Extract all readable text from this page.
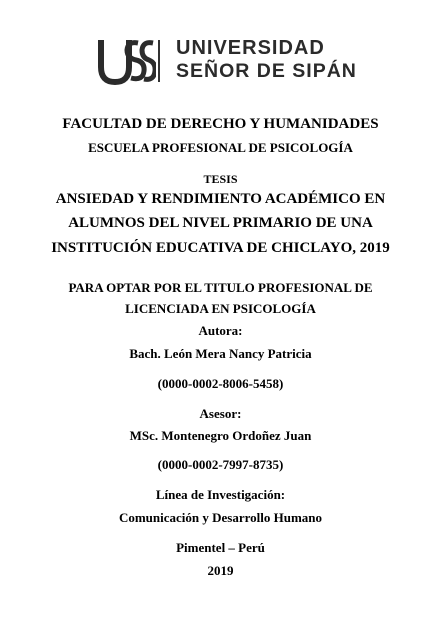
UNIVERSIDAD
SEÑOR DE SIPÁN
FACULTAD DE DERECHO Y HUMANIDADES
ESCUELA PROFESIONAL DE PSICOLOGÍA
TESIS
ANSIEDAD Y RENDIMIENTO ACADÉMICO EN
ALUMNOS DEL NIVEL PRIMARIO DE UNA
INSTITUCIÓN EDUCATIVA DE CHICLAYO, 2019
PARA OPTAR POR EL TITULO PROFESIONAL DE
LICENCIADA EN PSICOLOGÍA
Autora:
Bach. León Mera Nancy Patricia
(0000-0002-8006-5458)
Asesor:
MSc. Montenegro Ordoñez Juan
(0000-0002-7997-8735)
Línea de Investigación:
Comunicación y Desarrollo Humano
Pimentel – Perú
2019
